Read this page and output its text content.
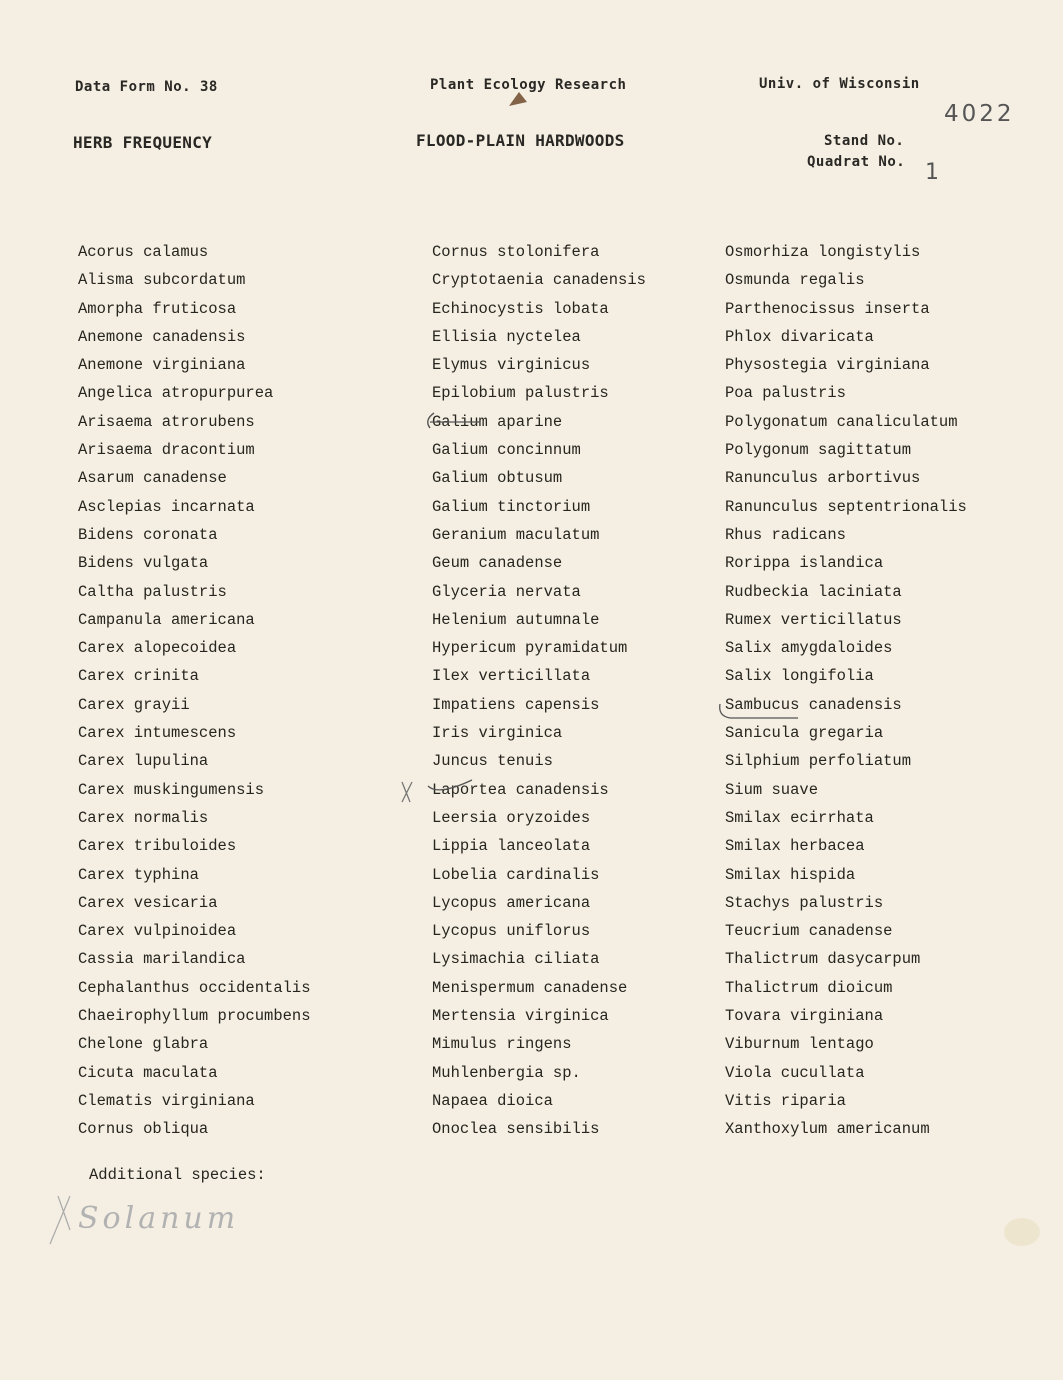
Data Form No. 38	Plant Ecology Research	Univ. of Wisconsin
HERB FREQUENCY	FLOOD-PLAIN HARDWOODS	Stand No.
Quadrat No.
4022
1
Acorus calamus
Alisma subcordatum
Amorpha fruticosa
Anemone canadensis
Anemone virginiana
Angelica atropurpurea
Arisaema atrorubens
Arisaema dracontium
Asarum canadense
Asclepias incarnata
Bidens coronata
Bidens vulgata
Caltha palustris
Campanula americana
Carex alopecoidea
Carex crinita
Carex grayii
Carex intumescens
Carex lupulina
Carex muskingumensis
Carex normalis
Carex tribuloides
Carex typhina
Carex vesicaria
Carex vulpinoidea
Cassia marilandica
Cephalanthus occidentalis
Chaeirophyllum procumbens
Chelone glabra
Cicuta maculata
Clematis virginiana
Cornus obliqua
Cornus stolonifera
Cryptotaenia canadensis
Echinocystis lobata
Ellisia nyctelea
Elymus virginicus
Epilobium palustris
Galium aparine
Galium concinnum
Galium obtusum
Galium tinctorium
Geranium maculatum
Geum canadense
Glyceria nervata
Helenium autumnale
Hypericum pyramidatum
Ilex verticillata
Impatiens capensis
Iris virginica
Juncus tenuis
Laportea canadensis
Leersia oryzoides
Lippia lanceolata
Lobelia cardinalis
Lycopus americana
Lycopus uniflorus
Lysimachia ciliata
Menispermum canadense
Mertensia virginica
Mimulus ringens
Muhlenbergia sp.
Napaea dioica
Onoclea sensibilis
Osmorhiza longistylis
Osmunda regalis
Parthenocissus inserta
Phlox divaricata
Physostegia virginiana
Poa palustris
Polygonatum canaliculatum
Polygonum sagittatum
Ranunculus arbortivus
Ranunculus septentrionalis
Rhus radicans
Rorippa islandica
Rudbeckia laciniata
Rumex verticillatus
Salix amygdaloides
Salix longifolia
Sambucus canadensis
Sanicula gregaria
Silphium perfoliatum
Sium suave
Smilax ecirrhata
Smilax herbacea
Smilax hispida
Stachys palustris
Teucrium canadense
Thalictrum dasycarpum
Thalictrum dioicum
Tovara virginiana
Viburnum lentago
Viola cucullata
Vitis riparia
Xanthoxylum americanum
Additional species:
Solanum
